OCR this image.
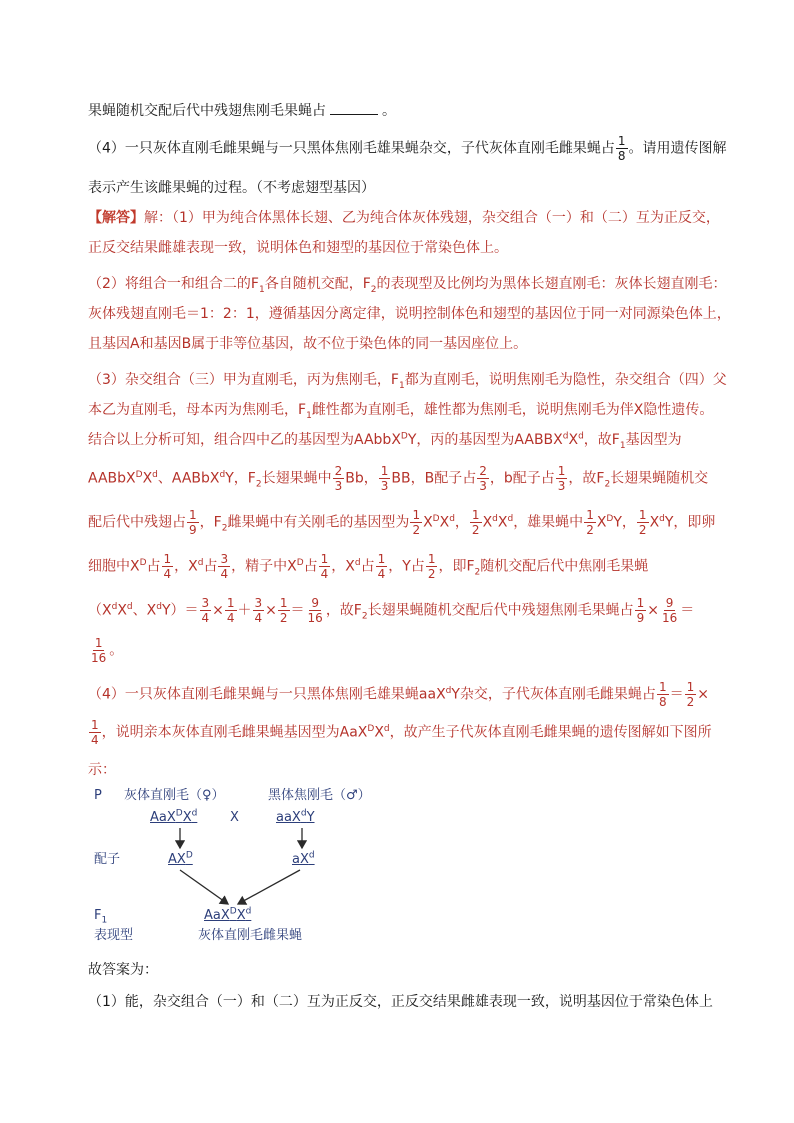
果蝇随机交配后代中残翅焦刚毛果蝇占	。
（4）一只灰体直刚毛雌果蝇与一只黑体焦刚毛雄果蝇杂交，子代灰体直刚毛雌果蝇占 $\frac{1}{8}$ 。请用遗传图解
表示产生该雌果蝇的过程。（不考虑翅型基因）
【解答】解：（1）甲为纯合体黑体长翅、乙为纯合体灰体残翅，杂交组合（一）和（二）互为正反交，
正反交结果雌雄表现一致，说明体色和翅型的基因位于常染色体上。
（2）将组合一和组合二的$F_1$各自随机交配，$F_2$的表现型及比例均为黑体长翅直刚毛：灰体长翅直刚毛：
灰体残翅直刚毛＝1：2：1，遵循基因分离定律，说明控制体色和翅型的基因位于同一对同源染色体上，
且基因A和基因B属于非等位基因，故不位于染色体的同一基因座位上。
（3）杂交组合（三）甲为直刚毛，丙为焦刚毛，$F_1$都为直刚毛，说明焦刚毛为隐性，杂交组合（四）父
本乙为直刚毛，母本丙为焦刚毛，$F_1$雌性都为直刚毛，雄性都为焦刚毛，说明焦刚毛为伴X隐性遗传。
结合以上分析可知，组合四中乙的基因型为AAbbX$^D$Y，丙的基因型为$AABBX^dX^d$，故$F_1$基因型为
$AABbX^DX^d$、AABbX$^d$Y，$F_2$长翅果蝇中 $\frac{2}{3}$ Bb， $\frac{1}{3}$ BB，B配子占 $\frac{2}{3}$ ，b配子占 $\frac{1}{3}$ ，故$F_2$长翅果蝇随机交
配后代中残翅占 $\frac{1}{9}$ ，$F_2$雌果蝇中有关刚毛的基因型为 $\frac{1}{2} X^DX^d$， $\frac{1}{2} X^dX^d$，雄果蝇中 $\frac{1}{2} X^DY$， $\frac{1}{2} X^dY$，即卵
细胞中$X^D$占 $\frac{1}{4}$ ，$X^d$占 $\frac{3}{4}$ ，精子中$X^D$占 $\frac{1}{4}$ ，$X^d$占 $\frac{1}{4}$ ，Y占 $\frac{1}{2}$ ，即$F_2$随机交配后代中焦刚毛果蝇
（$X^dX^d$、$X^dY)= \frac{3}{4} \times \frac{1}{4} + \frac{3}{4} \times \frac{1}{2} = \frac{9}{16}$ ，故$F_2$长翅果蝇随机交配后代中残翅焦刚毛果蝇占 $\frac{1}{9} \times \frac{9}{16}$ ＝
$\frac{1}{16}$ 。
（4）一只灰体直刚毛雌果蝇与一只黑体焦刚毛雄果蝇aaX$^d$Y杂交，子代灰体直刚毛雌果蝇占 $\frac{1}{8} = \frac{1}{2}$ ×
$\frac{1}{4}$ ，说明亲本灰体直刚毛雌果蝇基因型为$AaX^DX^d$，故产生子代灰体直刚毛雌果蝇的遗传图解如下图所
示：
P 灰体直刚毛（♀）	黑体焦刚毛（♂）
$AaX^DX^d$	X	aaX$^d$Y
配子	$AX^D$	$aX^d$
$F_1$	$AaX^DX^d$
表现型	灰体直刚毛雌果蝇
故答案为：
（1）能，杂交组合（一）和（二）互为正反交，正反交结果雌雄表现一致，说明基因位于常染色体上
